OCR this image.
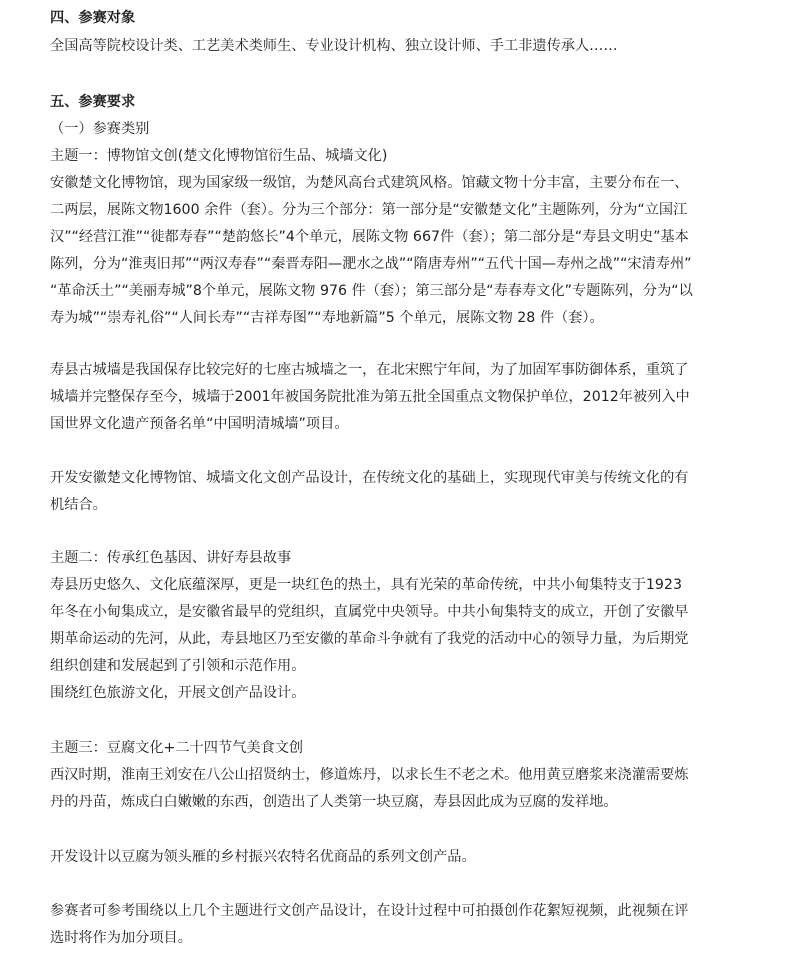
四、参赛对象
全国高等院校设计类、工艺美术类师生、专业设计机构、独立设计师、手工非遗传承人……
五、参赛要求
（一）参赛类别
主题一：博物馆文创(楚文化博物馆衍生品、城墙文化)
安徽楚文化博物馆，现为国家级一级馆，为楚风高台式建筑风格。馆藏文物十分丰富，主要分布在一、
二两层，展陈文物1600 余件（套）。分为三个部分：第一部分是“安徽楚文化”主题陈列，分为“立国江
汉”“经营江淮”“徙都寿春”“楚韵悠长”4个单元，展陈文物 667件（套）；第二部分是“寿县文明史”基本
陈列，分为“淮夷旧邦”“两汉寿春”“秦晋寿阳—淝水之战”“隋唐寿州”“五代十国—寿州之战”“宋清寿州”
“革命沃土”“美丽寿城”8个单元，展陈文物 976 件（套）；第三部分是“寿春寿文化”专题陈列，分为“以
寿为城”“崇寿礼俗”“人间长寿”“吉祥寿图”“寿地新篇”5 个单元，展陈文物 28 件（套）。
寿县古城墙是我国保存比较完好的七座古城墙之一，在北宋熙宁年间，为了加固军事防御体系，重筑了
城墙并完整保存至今，城墙于2001年被国务院批准为第五批全国重点文物保护单位，2012年被列入中
国世界文化遗产预备名单“中国明清城墙”项目。
开发安徽楚文化博物馆、城墙文化文创产品设计，在传统文化的基础上，实现现代审美与传统文化的有
机结合。
主题二：传承红色基因、讲好寿县故事
寿县历史悠久、文化底蕴深厚，更是一块红色的热土，具有光荣的革命传统，中共小甸集特支于1923
年冬在小甸集成立，是安徽省最早的党组织，直属党中央领导。中共小甸集特支的成立，开创了安徽早
期革命运动的先河，从此，寿县地区乃至安徽的革命斗争就有了我党的活动中心的领导力量，为后期党
组织创建和发展起到了引领和示范作用。
围绕红色旅游文化，开展文创产品设计。
主题三：豆腐文化+二十四节气美食文创
西汉时期，淮南王刘安在八公山招贤纳士，修道炼丹，以求长生不老之术。他用黄豆磨浆来浇灌需要炼
丹的丹苗，炼成白白嫩嫩的东西，创造出了人类第一块豆腐，寿县因此成为豆腐的发祥地。
开发设计以豆腐为领头雁的乡村振兴农特名优商品的系列文创产品。
参赛者可参考围绕以上几个主题进行文创产品设计，在设计过程中可拍摄创作花絮短视频，此视频在评
选时将作为加分项目。
